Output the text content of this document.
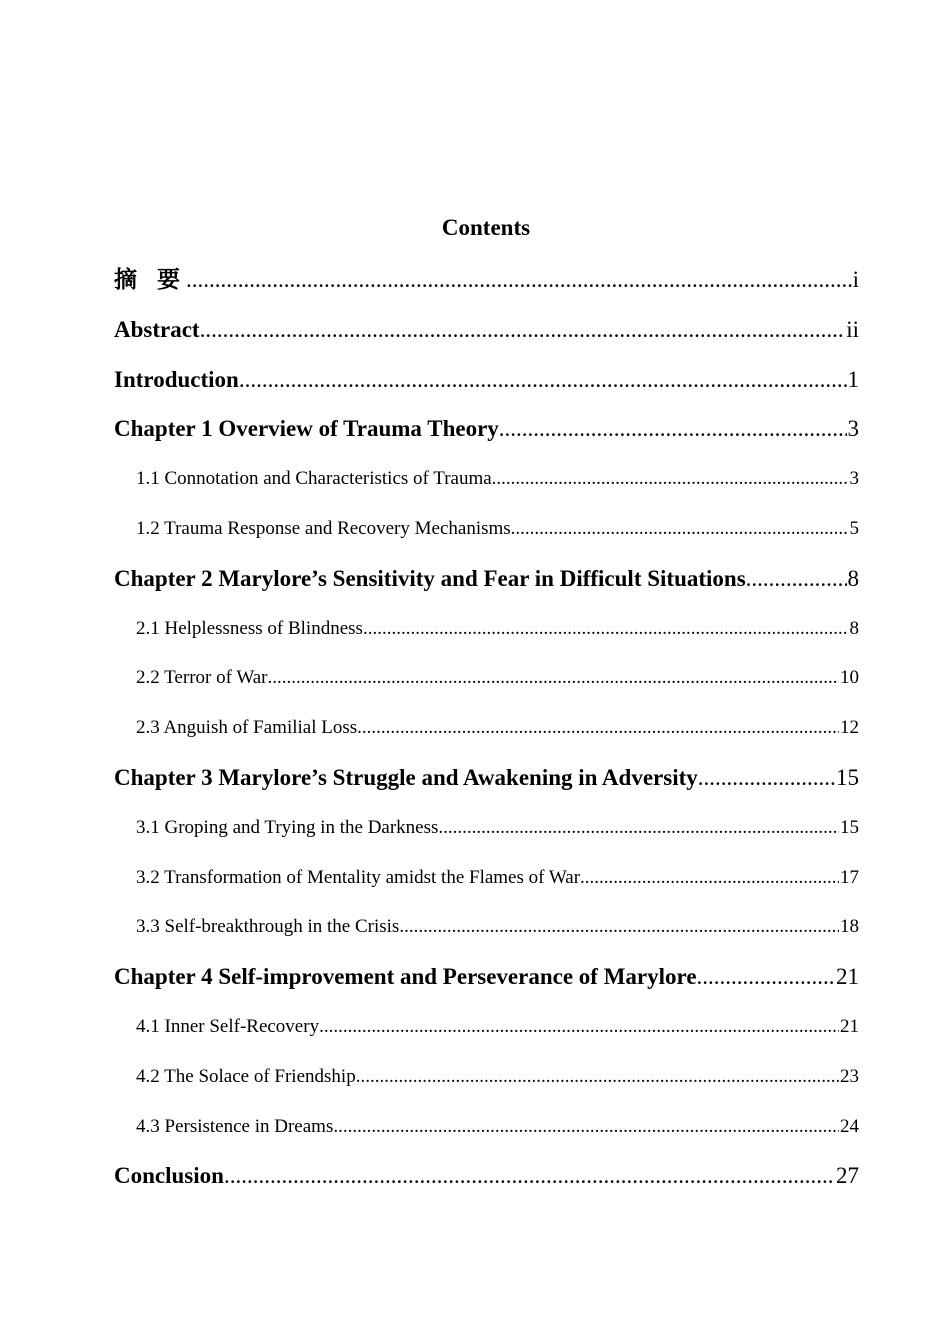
Contents
摘 要 .....	i
Abstract .....	ii
Introduction .....	1
Chapter 1 Overview of Trauma Theory .....	3
1.1 Connotation and Characteristics of Trauma .....	3
1.2 Trauma Response and Recovery Mechanisms .....	5
Chapter 2 Marylore’s Sensitivity and Fear in Difficult Situations .....	8
2.1 Helplessness of Blindness .....	8
2.2 Terror of War .....	10
2.3 Anguish of Familial Loss .....	12
Chapter 3 Marylore’s Struggle and Awakening in Adversity .....	15
3.1 Groping and Trying in the Darkness .....	15
3.2 Transformation of Mentality amidst the Flames of War .....	17
3.3 Self-breakthrough in the Crisis .....	18
Chapter 4 Self-improvement and Perseverance of Marylore .....	21
4.1 Inner Self-Recovery .....	21
4.2 The Solace of Friendship .....	23
4.3 Persistence in Dreams .....	24
Conclusion .....	27
